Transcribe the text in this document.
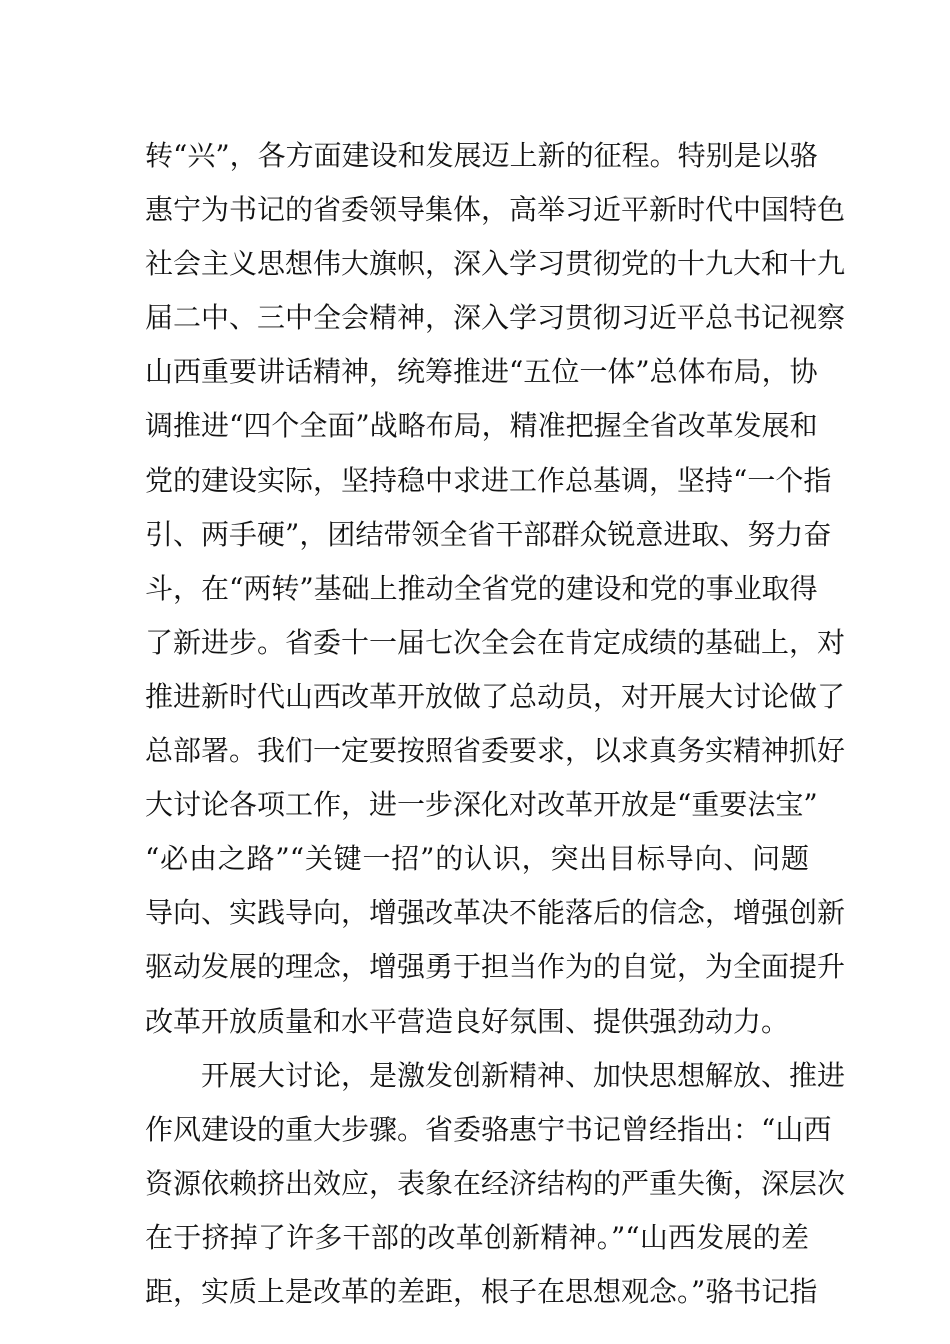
转“兴”，各方面建设和发展迈上新的征程。特别是以骆
惠宁为书记的省委领导集体，高举习近平新时代中国特色
社会主义思想伟大旗帜，深入学习贯彻党的十九大和十九
届二中、三中全会精神，深入学习贯彻习近平总书记视察
山西重要讲话精神，统筹推进“五位一体”总体布局，协
调推进“四个全面”战略布局，精准把握全省改革发展和
党的建设实际，坚持稳中求进工作总基调，坚持“一个指
引、两手硬”，团结带领全省干部群众锐意进取、努力奋
斗，在“两转”基础上推动全省党的建设和党的事业取得
了新进步。省委十一届七次全会在肯定成绩的基础上，对
推进新时代山西改革开放做了总动员，对开展大讨论做了
总部署。我们一定要按照省委要求，以求真务实精神抓好
大讨论各项工作，进一步深化对改革开放是“重要法宝”
“必由之路”“关键一招”的认识，突出目标导向、问题
导向、实践导向，增强改革决不能落后的信念，增强创新
驱动发展的理念，增强勇于担当作为的自觉，为全面提升
改革开放质量和水平营造良好氛围、提供强劲动力。
开展大讨论，是激发创新精神、加快思想解放、推进
作风建设的重大步骤。省委骆惠宁书记曾经指出：“山西
资源依赖挤出效应，表象在经济结构的严重失衡，深层次
在于挤掉了许多干部的改革创新精神。”“山西发展的差
距，实质上是改革的差距，根子在思想观念。”骆书记指
